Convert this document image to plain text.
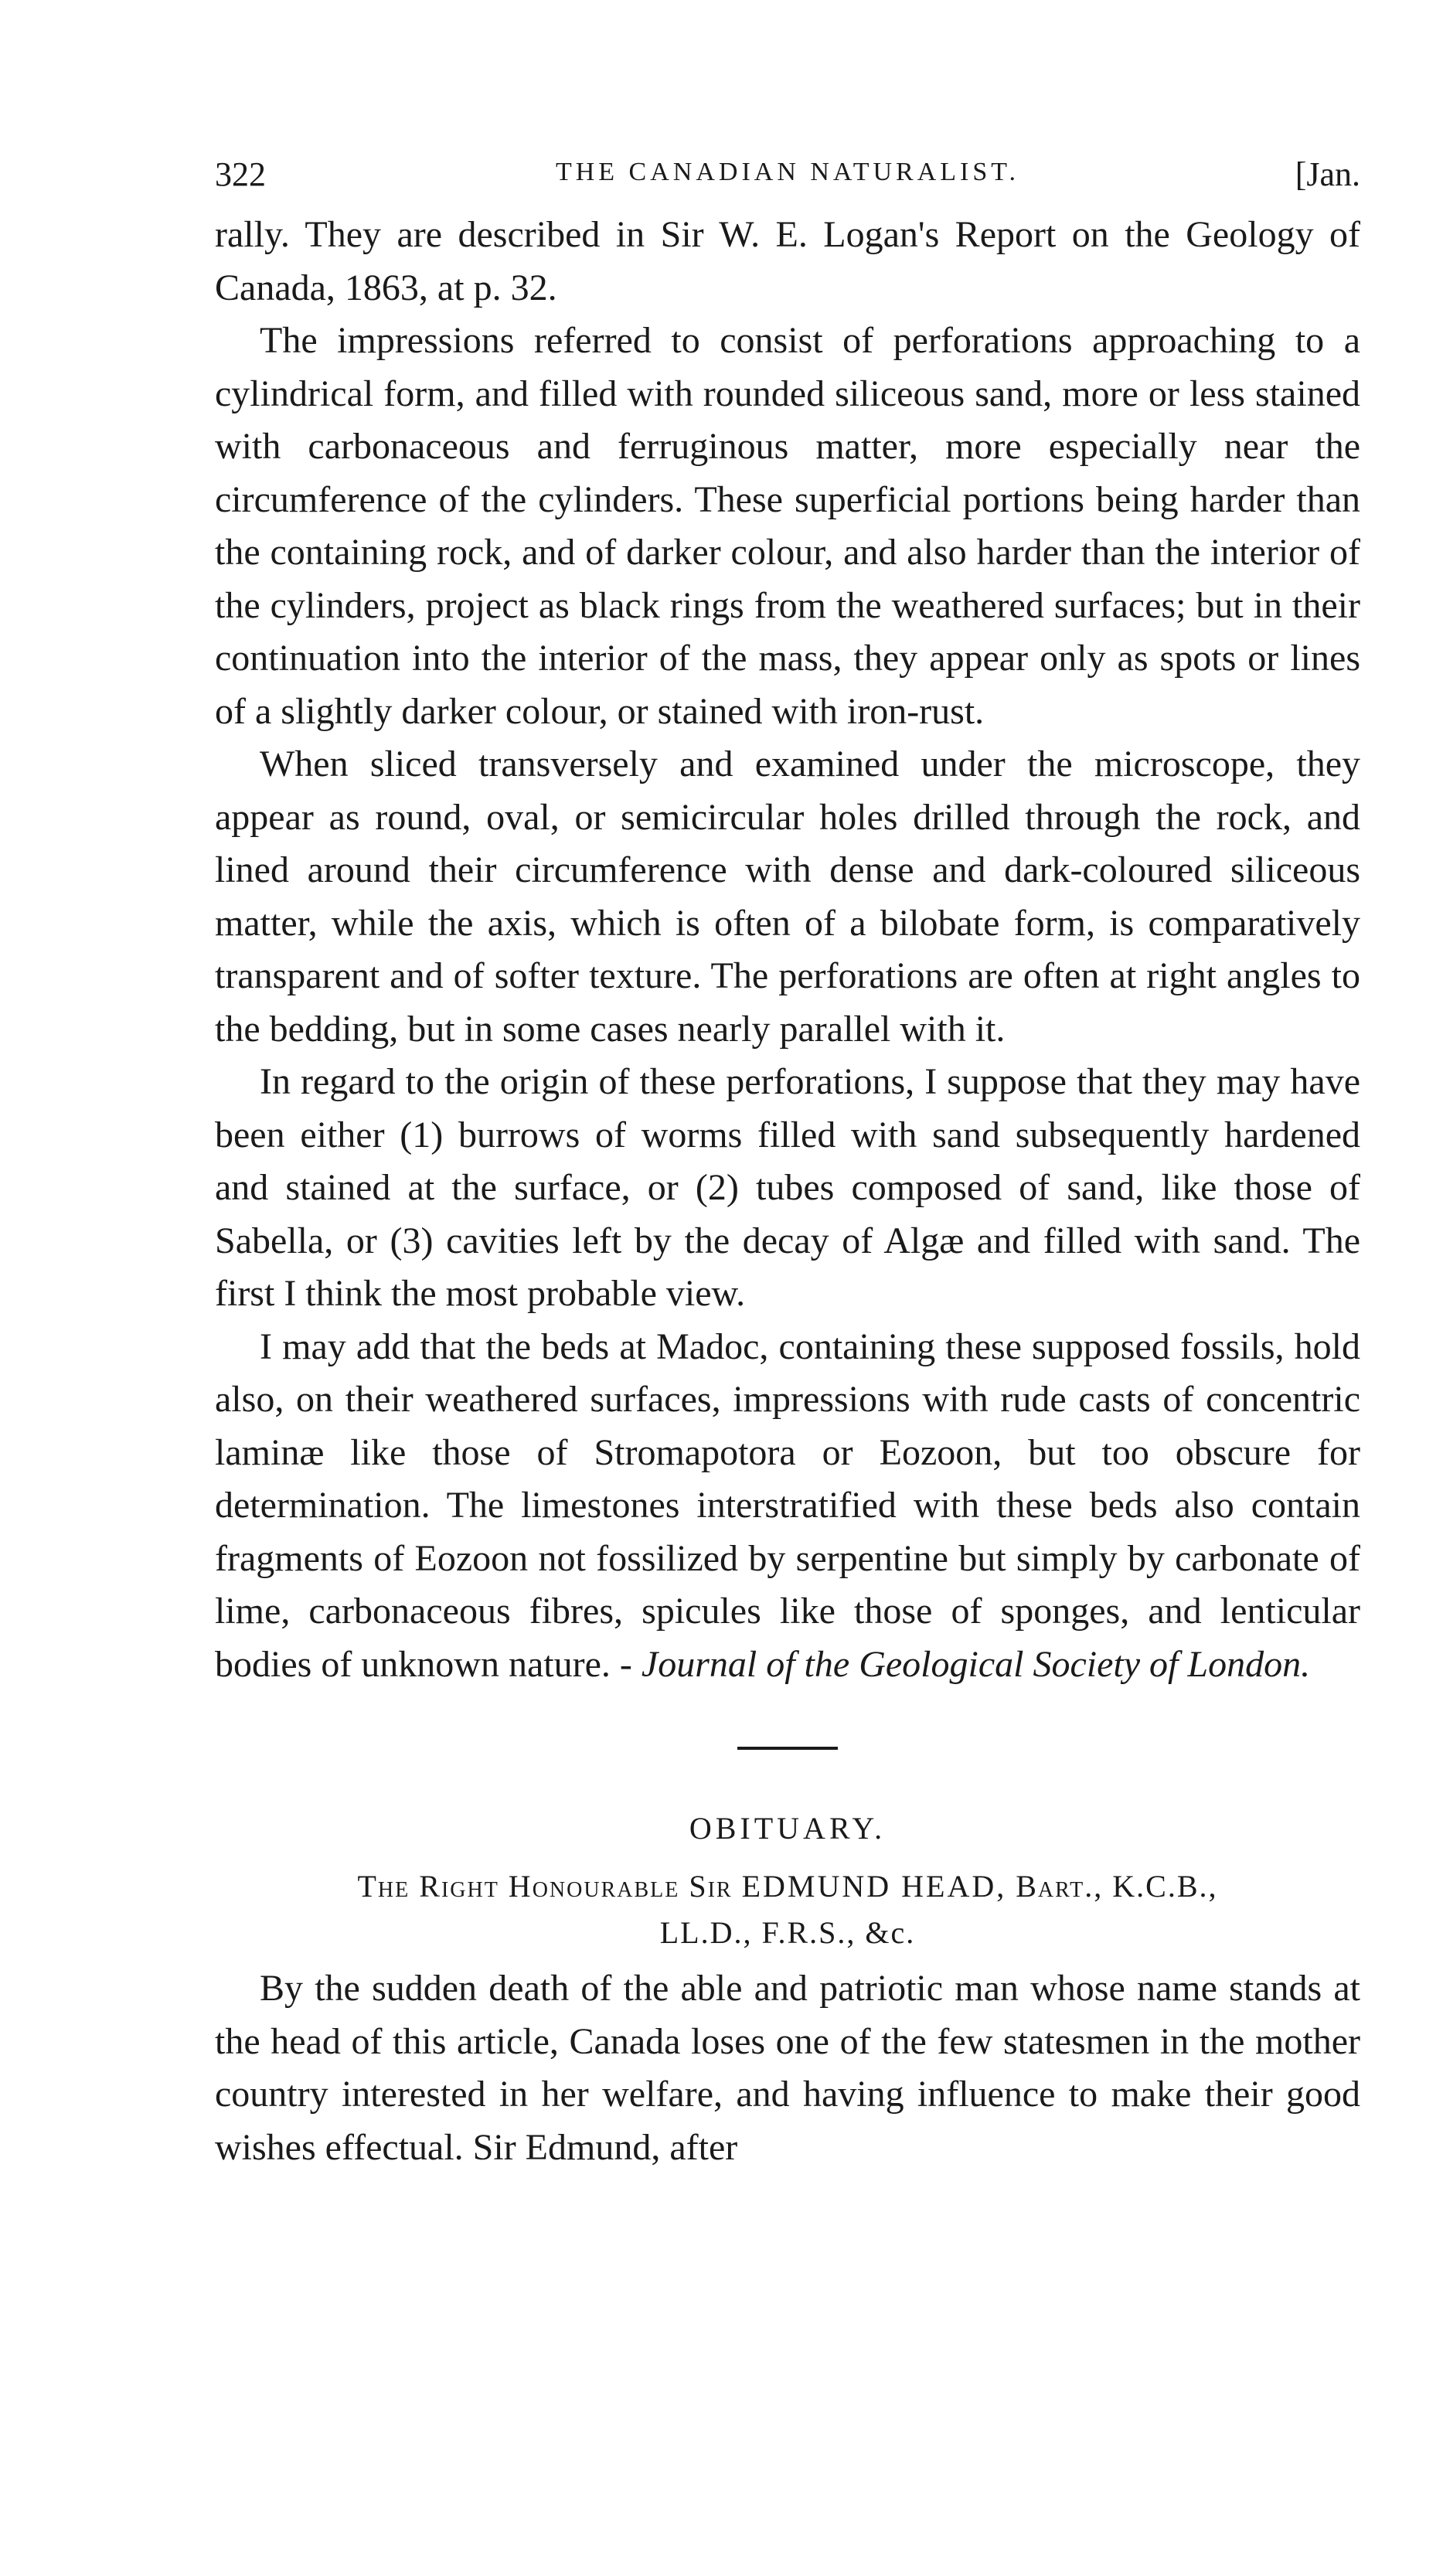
322	THE CANADIAN NATURALIST.	[Jan.

rally. They are described in Sir W. E. Logan's Report on the Geology of Canada, 1863, at p. 32.

The impressions referred to consist of perforations approaching to a cylindrical form, and filled with rounded siliceous sand, more or less stained with carbonaceous and ferruginous matter, more especially near the circumference of the cylinders. These superficial portions being harder than the containing rock, and of darker colour, and also harder than the interior of the cylinders, project as black rings from the weathered surfaces; but in their continuation into the interior of the mass, they appear only as spots or lines of a slightly darker colour, or stained with iron-rust.

When sliced transversely and examined under the microscope, they appear as round, oval, or semicircular holes drilled through the rock, and lined around their circumference with dense and dark-coloured siliceous matter, while the axis, which is often of a bilobate form, is comparatively transparent and of softer texture. The perforations are often at right angles to the bedding, but in some cases nearly parallel with it.

In regard to the origin of these perforations, I suppose that they may have been either (1) burrows of worms filled with sand subsequently hardened and stained at the surface, or (2) tubes composed of sand, like those of Sabella, or (3) cavities left by the decay of Algæ and filled with sand. The first I think the most probable view.

I may add that the beds at Madoc, containing these supposed fossils, hold also, on their weathered surfaces, impressions with rude casts of concentric laminæ like those of Stromapotora or Eozoon, but too obscure for determination. The limestones interstratified with these beds also contain fragments of Eozoon not fossilized by serpentine but simply by carbonate of lime, carbonaceous fibres, spicules like those of sponges, and lenticular bodies of unknown nature. - Journal of the Geological Society of London.

OBITUARY.
The Right Honourable Sir EDMUND HEAD, Bart., K.C.B.,
LL.D., F.R.S., &c.

By the sudden death of the able and patriotic man whose name stands at the head of this article, Canada loses one of the few statesmen in the mother country interested in her welfare, and having influence to make their good wishes effectual. Sir Edmund, after
